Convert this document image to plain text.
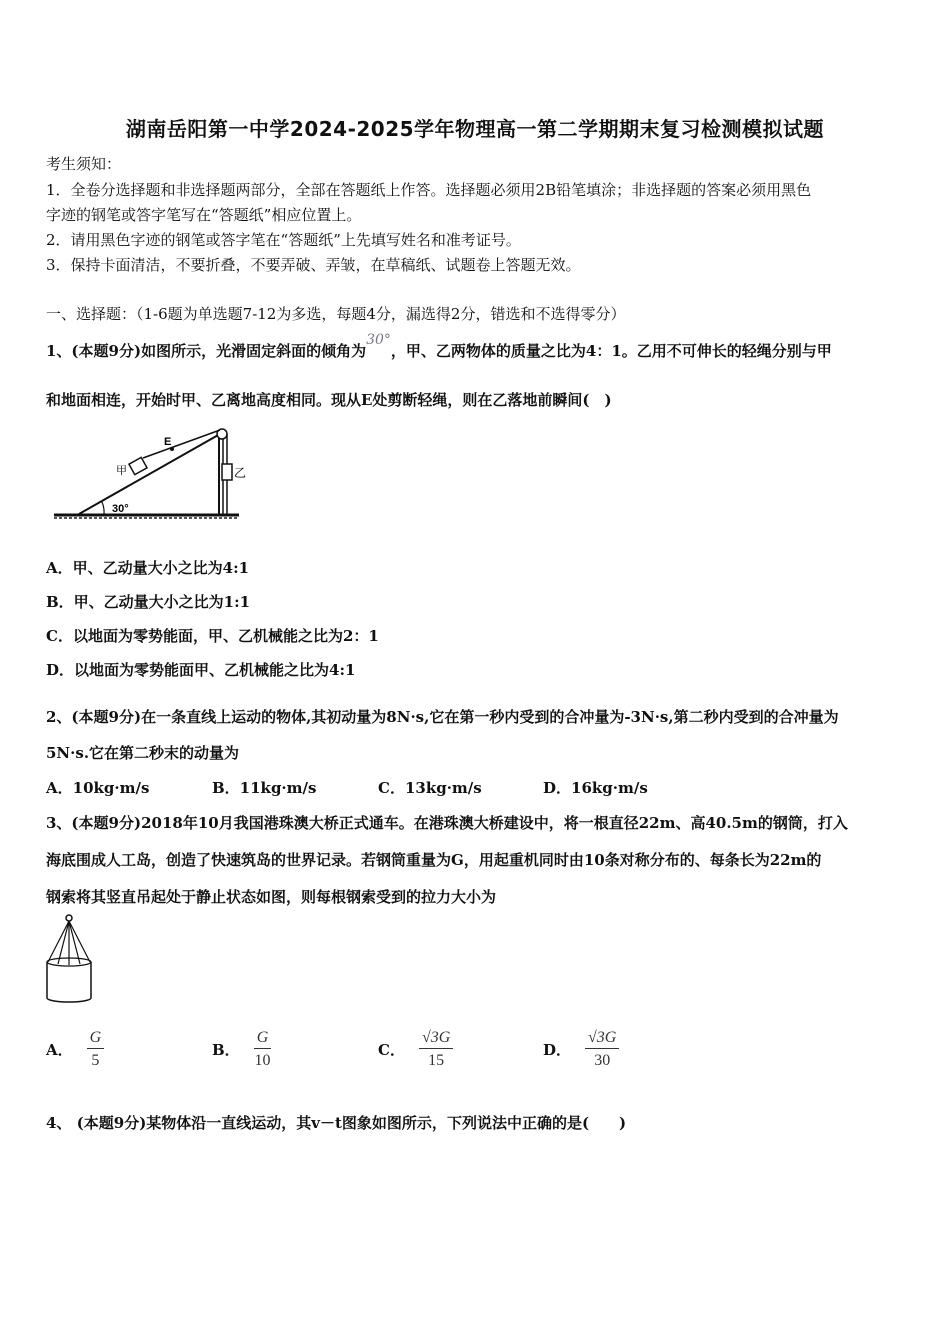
湖南岳阳第一中学2024-2025学年物理高一第二学期期末复习检测模拟试题
考生须知：
1．全卷分选择题和非选择题两部分，全部在答题纸上作答。选择题必须用2B铅笔填涂；非选择题的答案必须用黑色
字迹的钢笔或答字笔写在“答题纸”相应位置上。
2．请用黑色字迹的钢笔或答字笔在“答题纸”上先填写姓名和准考证号。
3．保持卡面清洁，不要折叠，不要弄破、弄皱，在草稿纸、试题卷上答题无效。
一、选择题：（1-6题为单选题7-12为多选，每题4分，漏选得2分，错选和不选得零分）
1、(本题9分)如图所示，光滑固定斜面的倾角为30°，甲、乙两物体的质量之比为4：1。乙用不可伸长的轻绳分别与甲
和地面相连，开始时甲、乙离地高度相同。现从E处剪断轻绳，则在乙落地前瞬间(　)
30°
甲
E
乙
A．甲、乙动量大小之比为4:1
B．甲、乙动量大小之比为1:1
C．以地面为零势能面，甲、乙机械能之比为2：1
D．以地面为零势能面甲、乙机械能之比为4:1
2、(本题9分)在一条直线上运动的物体,其初动量为8N·s,它在第一秒内受到的合冲量为-3N·s,第二秒内受到的合冲量为
5N·s.它在第二秒末的动量为
A．10kg·m/s	B．11kg·m/s	C．13kg·m/s	D．16kg·m/s
3、(本题9分)2018年10月我国港珠澳大桥正式通车。在港珠澳大桥建设中，将一根直径22m、高40.5m的钢筒，打入
海底围成人工岛，创造了快速筑岛的世界记录。若钢筒重量为G，用起重机同时由10条对称分布的、每条长为22m的
钢索将其竖直吊起处于静止状态如图，则每根钢索受到的拉力大小为
A． $\frac{G}{5}$	B． $\frac{G}{10}$	C． $\frac{√3G}{15}$	D． $\frac{√3G}{30}$
4、 (本题9分)某物体沿一直线运动，其v－t图象如图所示，下列说法中正确的是(　　)
